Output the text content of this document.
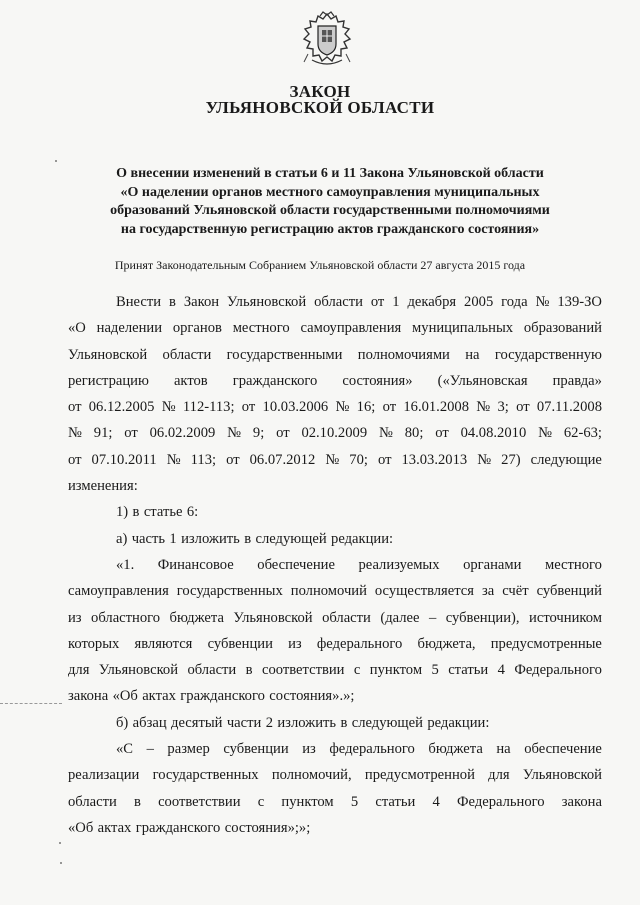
ЗАКОН
УЛЬЯНОВСКОЙ ОБЛАСТИ
О внесении изменений в статьи 6 и 11 Закона Ульяновской области
«О наделении органов местного самоуправления муниципальных
образований Ульяновской области государственными полномочиями
на государственную регистрацию актов гражданского состояния»
Принят Законодательным Собранием Ульяновской области 27 августа 2015 года
Внести в Закон Ульяновской области от 1 декабря 2005 года № 139-ЗО
«О наделении органов местного самоуправления муниципальных образований
Ульяновской области государственными полномочиями на государственную
регистрацию актов гражданского состояния» («Ульяновская правда»
от 06.12.2005 № 112-113; от 10.03.2006 № 16; от 16.01.2008 № 3; от 07.11.2008
№ 91; от 06.02.2009 № 9; от 02.10.2009 № 80; от 04.08.2010 № 62-63;
от 07.10.2011 № 113; от 06.07.2012 № 70; от 13.03.2013 № 27) следующие
изменения:
1) в статье 6:
а) часть 1 изложить в следующей редакции:
«1. Финансовое обеспечение реализуемых органами местного
самоуправления государственных полномочий осуществляется за счёт субвенций
из областного бюджета Ульяновской области (далее – субвенции), источником
которых являются субвенции из федерального бюджета, предусмотренные
для Ульяновской области в соответствии с пунктом 5 статьи 4 Федерального
закона «Об актах гражданского состояния».»;
б) абзац десятый части 2 изложить в следующей редакции:
«С – размер субвенции из федерального бюджета на обеспечение
реализации государственных полномочий, предусмотренной для Ульяновской
области в соответствии с пунктом 5 статьи 4 Федерального закона
«Об актах гражданского состояния»;»;
